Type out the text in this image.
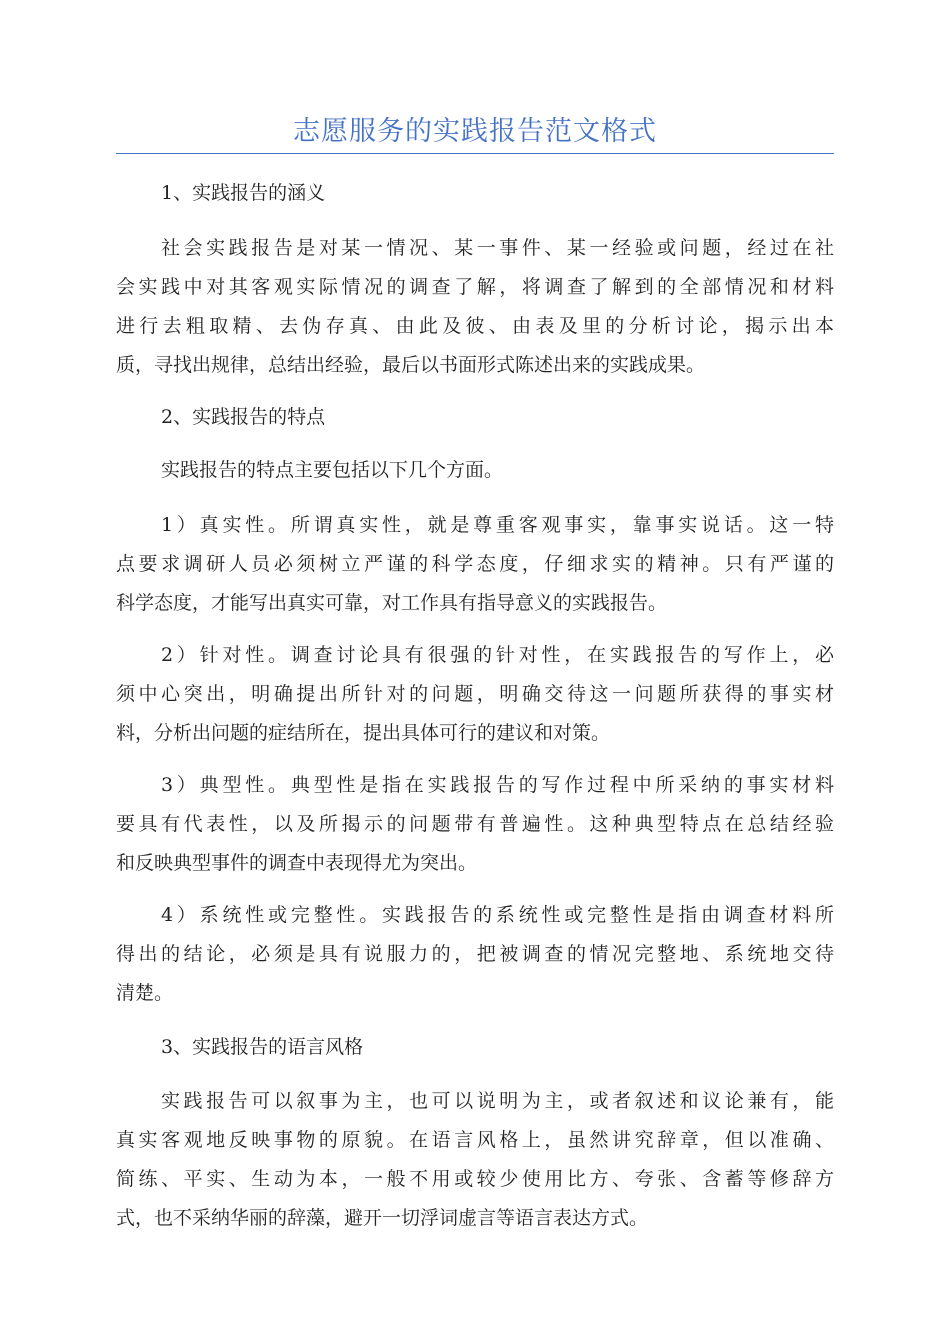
志愿服务的实践报告范文格式
1、实践报告的涵义
社会实践报告是对某一情况、某一事件、某一经验或问题，经过在社
会实践中对其客观实际情况的调查了解，将调查了解到的全部情况和材料
进行去粗取精、去伪存真、由此及彼、由表及里的分析讨论，揭示出本
质，寻找出规律，总结出经验，最后以书面形式陈述出来的实践成果。
2、实践报告的特点
实践报告的特点主要包括以下几个方面。
1）真实性。所谓真实性，就是尊重客观事实，靠事实说话。这一特
点要求调研人员必须树立严谨的科学态度，仔细求实的精神。只有严谨的
科学态度，才能写出真实可靠，对工作具有指导意义的实践报告。
2）针对性。调查讨论具有很强的针对性，在实践报告的写作上，必
须中心突出，明确提出所针对的问题，明确交待这一问题所获得的事实材
料，分析出问题的症结所在，提出具体可行的建议和对策。
3）典型性。典型性是指在实践报告的写作过程中所采纳的事实材料
要具有代表性，以及所揭示的问题带有普遍性。这种典型特点在总结经验
和反映典型事件的调查中表现得尤为突出。
4）系统性或完整性。实践报告的系统性或完整性是指由调查材料所
得出的结论，必须是具有说服力的，把被调查的情况完整地、系统地交待
清楚。
3、实践报告的语言风格
实践报告可以叙事为主，也可以说明为主，或者叙述和议论兼有，能
真实客观地反映事物的原貌。在语言风格上，虽然讲究辞章，但以准确、
简练、平实、生动为本，一般不用或较少使用比方、夸张、含蓄等修辞方
式，也不采纳华丽的辞藻，避开一切浮词虚言等语言表达方式。
